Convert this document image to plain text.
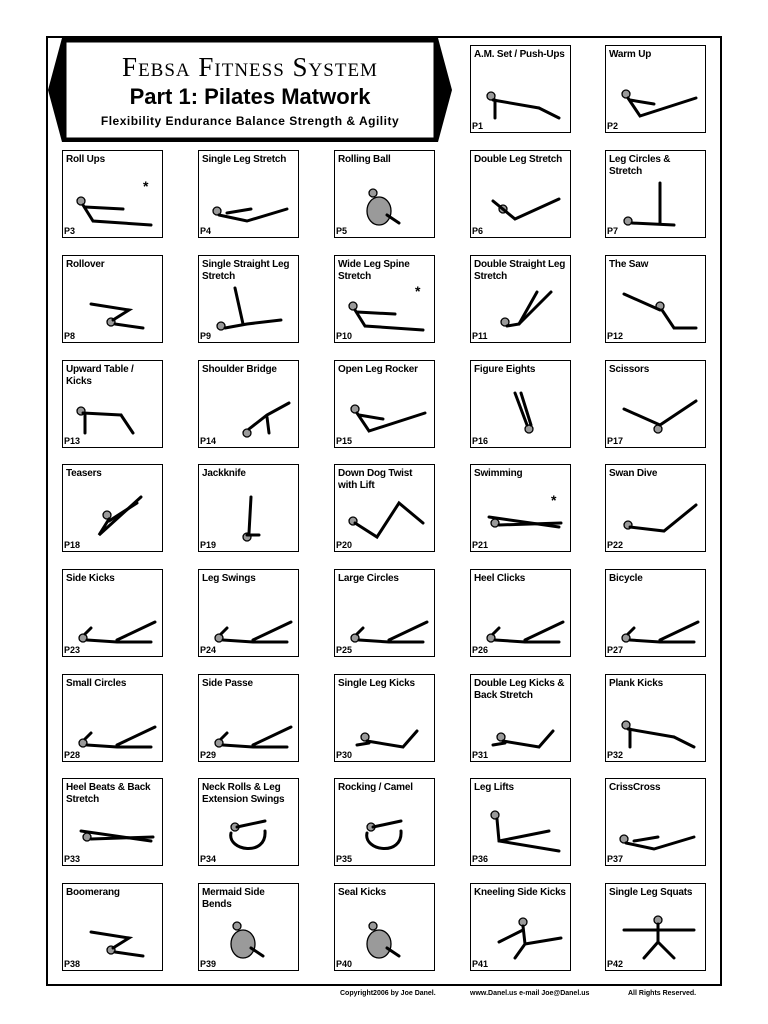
Febsa Fitness System
Part 1: Pilates Matwork
Flexibility Endurance Balance Strength & Agility
A.M. Set / Push-Ups
P1
Warm Up
P2
Roll Ups
*
P3
Single Leg Stretch
P4
Rolling Ball
P5
Double Leg Stretch
P6
Leg Circles & Stretch
P7
Rollover
P8
Single Straight Leg Stretch
P9
Wide Leg Spine Stretch
*
P10
Double Straight Leg Stretch
P11
The Saw
P12
Upward Table / Kicks
P13
Shoulder Bridge
P14
Open Leg Rocker
P15
Figure Eights
P16
Scissors
P17
Teasers
P18
Jackknife
P19
Down Dog Twist with Lift
P20
Swimming
*
P21
Swan Dive
P22
Side Kicks
P23
Leg Swings
P24
Large Circles
P25
Heel Clicks
P26
Bicycle
P27
Small Circles
P28
Side Passe
P29
Single Leg Kicks
P30
Double Leg Kicks & Back Stretch
P31
Plank Kicks
P32
Heel Beats & Back Stretch
P33
Neck Rolls & Leg Extension Swings
P34
Rocking / Camel
P35
Leg Lifts
P36
CrissCross
P37
Boomerang
P38
Mermaid Side Bends
P39
Seal Kicks
P40
Kneeling Side Kicks
P41
Single Leg Squats
P42
Copyright2006 by Joe Danel.	www.Danel.us e-mail Joe@Danel.us	All Rights Reserved.
